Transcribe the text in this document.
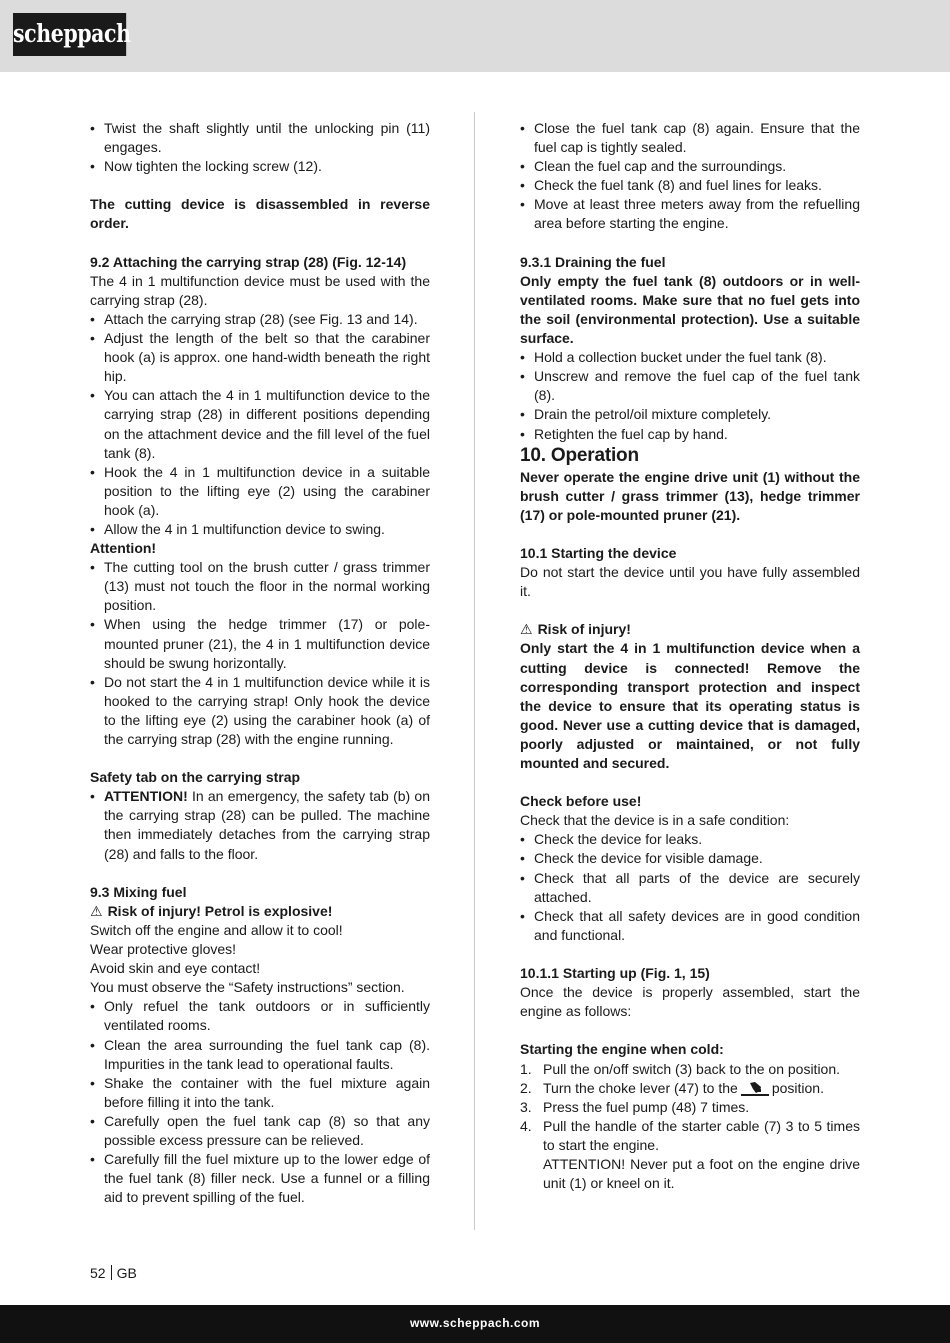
scheppach
• Twist the shaft slightly until the unlocking pin (11) engages.
• Now tighten the locking screw (12).

The cutting device is disassembled in reverse order.

9.2 Attaching the carrying strap (28) (Fig. 12-14)

The 4 in 1 multifunction device must be used with the carrying strap (28).

• Attach the carrying strap (28) (see Fig. 13 and 14).
• Adjust the length of the belt so that the carabiner hook (a) is approx. one hand-width beneath the right hip.
• You can attach the 4 in 1 multifunction device to the carrying strap (28) in different positions depending on the attachment device and the fill level of the fuel tank (8).
• Hook the 4 in 1 multifunction device in a suitable position to the lifting eye (2) using the carabiner hook (a).
• Allow the 4 in 1 multifunction device to swing.

Attention!

• The cutting tool on the brush cutter / grass trimmer (13) must not touch the floor in the normal working position.
• When using the hedge trimmer (17) or pole-mounted pruner (21), the 4 in 1 multifunction device should be swung horizontally.
• Do not start the 4 in 1 multifunction device while it is hooked to the carrying strap! Only hook the device to the lifting eye (2) using the carabiner hook (a) of the carrying strap (28) with the engine running.

Safety tab on the carrying strap

• ATTENTION! In an emergency, the safety tab (b) on the carrying strap (28) can be pulled. The machine then immediately detaches from the carrying strap (28) and falls to the floor.

9.3 Mixing fuel

⚠ Risk of injury! Petrol is explosive!

Switch off the engine and allow it to cool!

Wear protective gloves!

Avoid skin and eye contact!

You must observe the “Safety instructions” section.

• Only refuel the tank outdoors or in sufficiently ventilated rooms.
• Clean the area surrounding the fuel tank cap (8). Impurities in the tank lead to operational faults.
• Shake the container with the fuel mixture again before filling it into the tank.
• Carefully open the fuel tank cap (8) so that any possible excess pressure can be relieved.
• Carefully fill the fuel mixture up to the lower edge of the fuel tank (8) filler neck. Use a funnel or a filling aid to prevent spilling of the fuel.
• Close the fuel tank cap (8) again. Ensure that the fuel cap is tightly sealed.
• Clean the fuel cap and the surroundings.
• Check the fuel tank (8) and fuel lines for leaks.
• Move at least three meters away from the refuelling area before starting the engine.

9.3.1 Draining the fuel

Only empty the fuel tank (8) outdoors or in well-ventilated rooms. Make sure that no fuel gets into the soil (environmental protection). Use a suitable surface.

• Hold a collection bucket under the fuel tank (8).
• Unscrew and remove the fuel cap of the fuel tank (8).
• Drain the petrol/oil mixture completely.
• Retighten the fuel cap by hand.

10. Operation

Never operate the engine drive unit (1) without the brush cutter / grass trimmer (13), hedge trimmer (17) or pole-mounted pruner (21).

10.1 Starting the device

Do not start the device until you have fully assembled it.

⚠ Risk of injury!

Only start the 4 in 1 multifunction device when a cutting device is connected! Remove the corresponding transport protection and inspect the device to ensure that its operating status is good. Never use a cutting device that is damaged, poorly adjusted or maintained, or not fully mounted and secured.

Check before use!

Check that the device is in a safe condition:

• Check the device for leaks.
• Check the device for visible damage.
• Check that all parts of the device are securely attached.
• Check that all safety devices are in good condition and functional.

10.1.1 Starting up (Fig. 1, 15)

Once the device is properly assembled, start the engine as follows:

Starting the engine when cold:

1. Pull the on/off switch (3) back to the on position.
2. Turn the choke lever (47) to the position.
3. Press the fuel pump (48) 7 times.
4. Pull the handle of the starter cable (7) 3 to 5 times to start the engine.
ATTENTION! Never put a foot on the engine drive unit (1) or kneel on it.
52 GB
www.scheppach.com
